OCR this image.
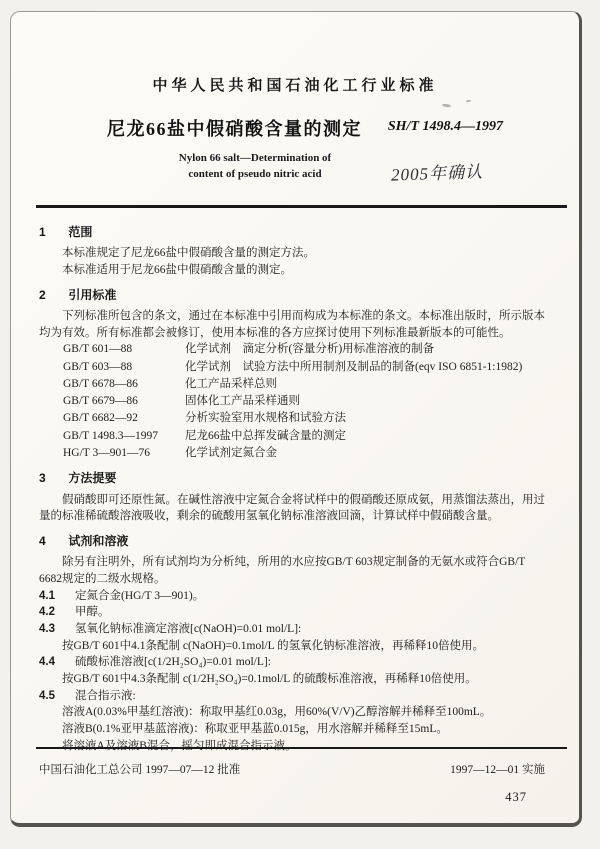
中华人民共和国石油化工行业标准
尼龙66盐中假硝酸含量的测定 SH/T 1498.4—1997
Nylon 66 salt—Determination of
content of pseudo nitric acid	2005年确认
1 范围

本标准规定了尼龙66盐中假硝酸含量的测定方法。

本标准适用于尼龙66盐中假硝酸含量的测定。

2 引用标准

下列标准所包含的条文，通过在本标准中引用而构成为本标准的条文。本标准出版时，所示版本均为有效。所有标准都会被修订，使用本标准的各方应探讨使用下列标准最新版本的可能性。

GB/T 601—88	化学试剂　滴定分析(容量分析)用标准溶液的制备
GB/T 603—88	化学试剂　试验方法中所用制剂及制品的制备(eqv ISO 6851-1:1982)
GB/T 6678—86	化工产品采样总则
GB/T 6679—86	固体化工产品采样通则
GB/T 6682—92	分析实验室用水规格和试验方法
GB/T 1498.3—1997	尼龙66盐中总挥发碱含量的测定
HG/T 3—901—76	化学试剂定氮合金
3 方法提要

假硝酸即可还原性氮。在碱性溶液中定氮合金将试样中的假硝酸还原成氨，用蒸馏法蒸出，用过量的标准稀硫酸溶液吸收，剩余的硫酸用氢氧化钠标准溶液回滴，计算试样中假硝酸含量。

4 试剂和溶液

除另有注明外，所有试剂均为分析纯，所用的水应按GB/T 603规定制备的无氨水或符合GB/T 6682规定的二级水规格。

4.1	定氮合金(HG/T 3—901)。
4.2	甲醇。
4.3	氢氧化钠标准滴定溶液[c(NaOH)=0.01 mol/L]:

按GB/T 601中4.1条配制 c(NaOH)=0.1mol/L 的氢氧化钠标准溶液，再稀释10倍使用。

4.4	硫酸标准溶液[c(1/2H₂SO₄)=0.01 mol/L]:

按GB/T 601中4.3条配制 c(1/2H₂SO₄)=0.1mol/L 的硫酸标准溶液，再稀释10倍使用。

4.5	混合指示液:

溶液A(0.03%甲基红溶液)：称取甲基红0.03g，用60%(V/V)乙醇溶解并稀释至100mL。

溶液B(0.1%亚甲基蓝溶液)：称取亚甲基蓝0.015g，用水溶解并稀释至15mL。

将溶液A及溶液B混合，摇匀即成混合指示液。

中国石油化工总公司 1997—07—12 批准	1997—12—01 实施
437
